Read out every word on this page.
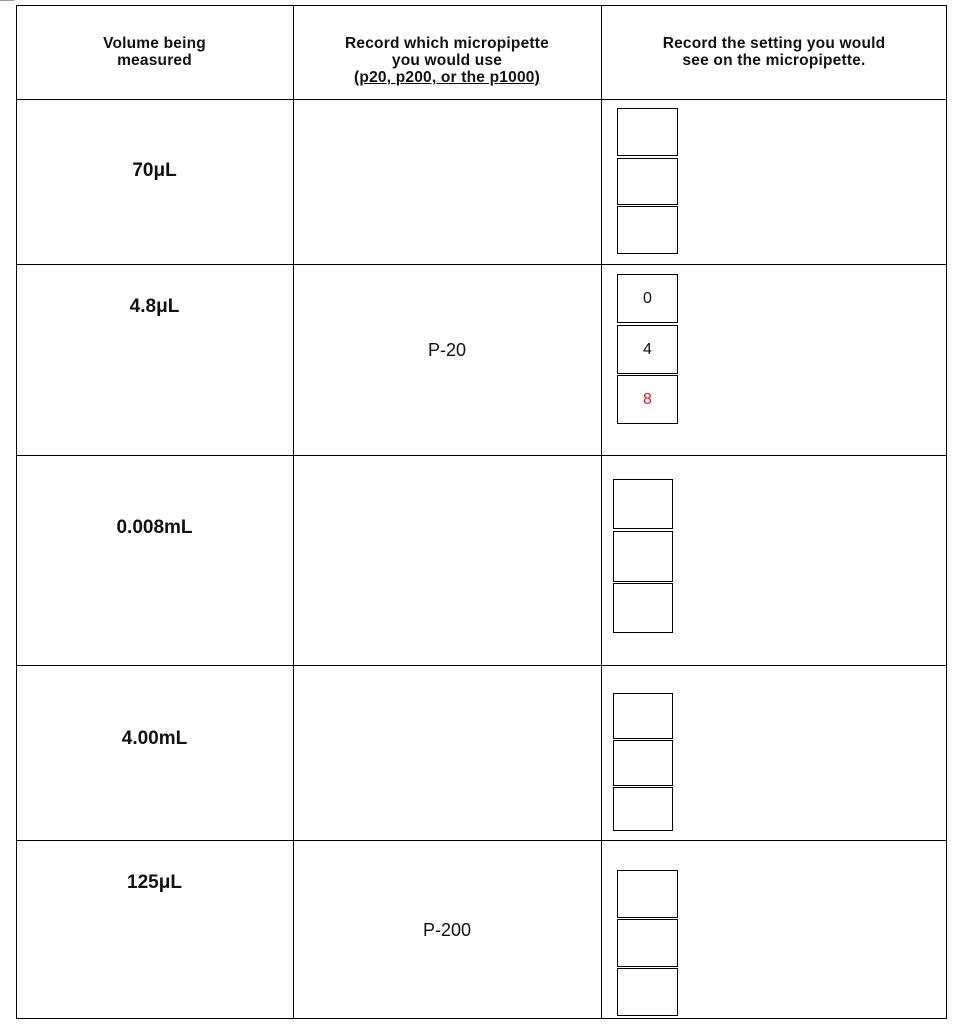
Volume being
measured
Record which micropipette
you would use
(p20, p200, or the p1000)
Record the setting you would
see on the micropipette.
70μL
4.8μL
P-20
0
4
8
0.008mL
4.00mL
125μL
P-200
